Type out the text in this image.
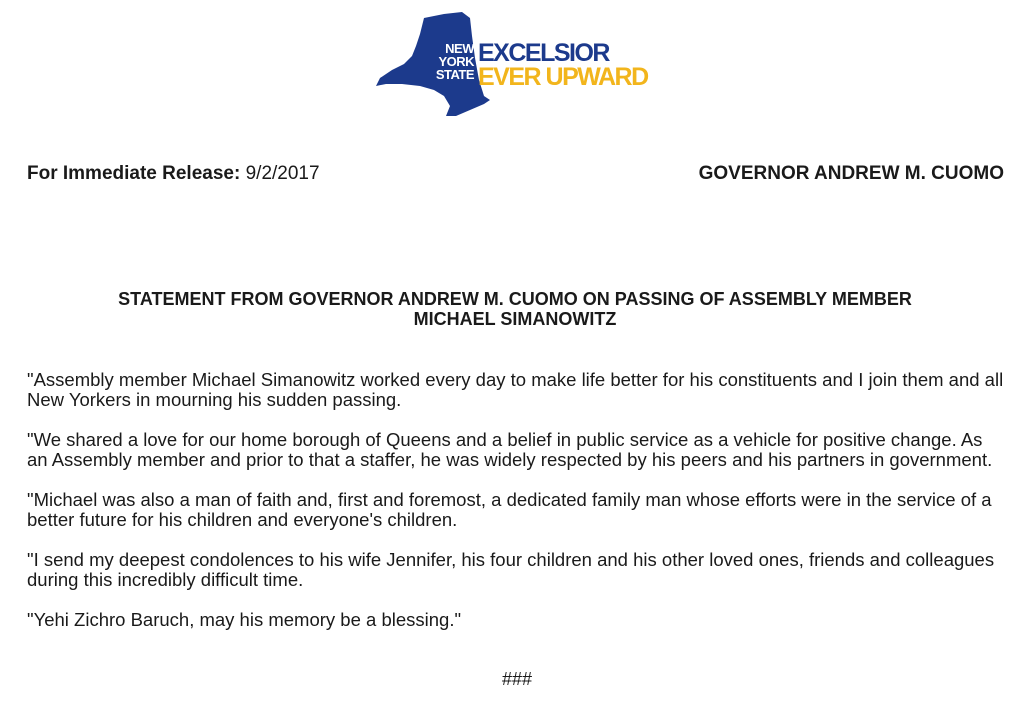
NEW
YORK
STATE
EXCELSIOR
EVER UPWARD
For Immediate Release: 9/2/2017	GOVERNOR ANDREW M. CUOMO
STATEMENT FROM GOVERNOR ANDREW M. CUOMO ON PASSING OF ASSEMBLY MEMBER
MICHAEL SIMANOWITZ

"Assembly member Michael Simanowitz worked every day to make life better for his constituents and I join them and all New Yorkers in mourning his sudden passing.

"We shared a love for our home borough of Queens and a belief in public service as a vehicle for positive change. As an Assembly member and prior to that a staffer, he was widely respected by his peers and his partners in government.

"Michael was also a man of faith and, first and foremost, a dedicated family man whose efforts were in the service of a better future for his children and everyone's children.

"I send my deepest condolences to his wife Jennifer, his four children and his other loved ones, friends and colleagues during this incredibly difficult time.

"Yehi Zichro Baruch, may his memory be a blessing."

###
